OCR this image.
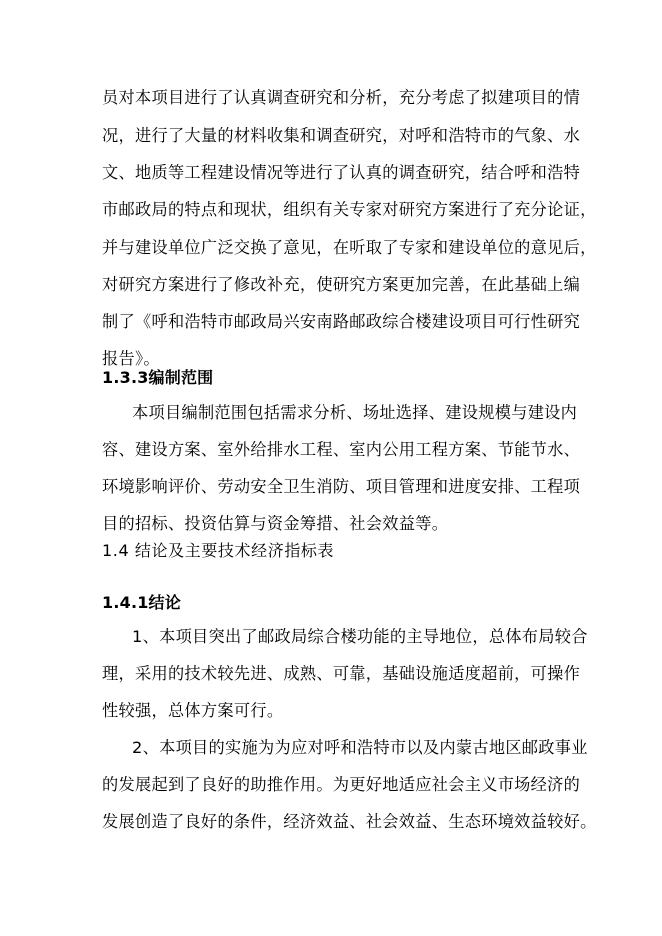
员对本项目进行了认真调查研究和分析，充分考虑了拟建项目的情
况，进行了大量的材料收集和调查研究，对呼和浩特市的气象、水
文、地质等工程建设情况等进行了认真的调查研究，结合呼和浩特
市邮政局的特点和现状，组织有关专家对研究方案进行了充分论证，
并与建设单位广泛交换了意见，在听取了专家和建设单位的意见后，
对研究方案进行了修改补充，使研究方案更加完善，在此基础上编
制了《呼和浩特市邮政局兴安南路邮政综合楼建设项目可行性研究
报告》。
1.3.3编制范围
本项目编制范围包括需求分析、场址选择、建设规模与建设内
容、建设方案、室外给排水工程、室内公用工程方案、节能节水、
环境影响评价、劳动安全卫生消防、项目管理和进度安排、工程项
目的招标、投资估算与资金筹措、社会效益等。
1.4 结论及主要技术经济指标表
1.4.1结论
1、本项目突出了邮政局综合楼功能的主导地位，总体布局较合
理，采用的技术较先进、成熟、可靠，基础设施适度超前，可操作
性较强，总体方案可行。
2、本项目的实施为为应对呼和浩特市以及内蒙古地区邮政事业
的发展起到了良好的助推作用。为更好地适应社会主义市场经济的
发展创造了良好的条件，经济效益、社会效益、生态环境效益较好。
